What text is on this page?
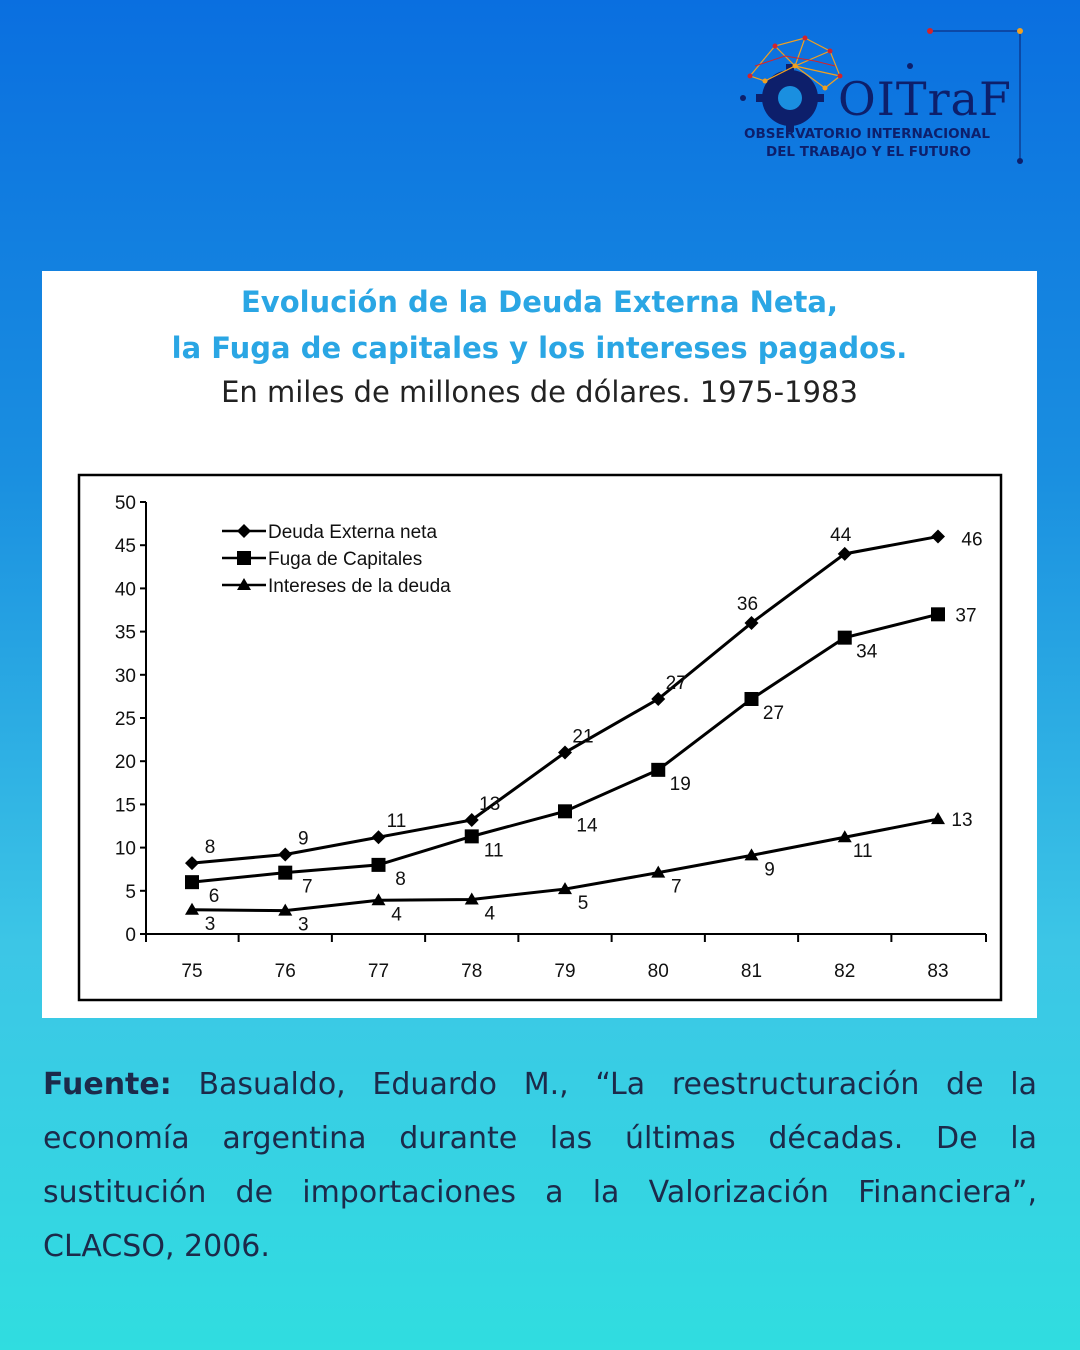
OITraF
OBSERVATORIO INTERNACIONAL
DEL TRABAJO Y EL FUTURO
Evolución de la Deuda Externa Neta,
la Fuga de capitales y los intereses pagados.
En miles de millones de dólares. 1975-1983
0
5
10
15
20
25
30
35
40
45
50
75	76	77	78	79	80	81	82	83
8	9
11
13
21
27
36
44	46
6	7	8
11
14
19
27
34
37
3	3	4	4	5
7
9
11
13
Deuda Externa neta
Fuga de Capitales
Intereses de la deuda
Fuente: Basualdo, Eduardo M., “La reestructuración de la economía argentina durante las últimas décadas. De la sustitución de importaciones a la Valorización Financiera”, CLACSO, 2006.
